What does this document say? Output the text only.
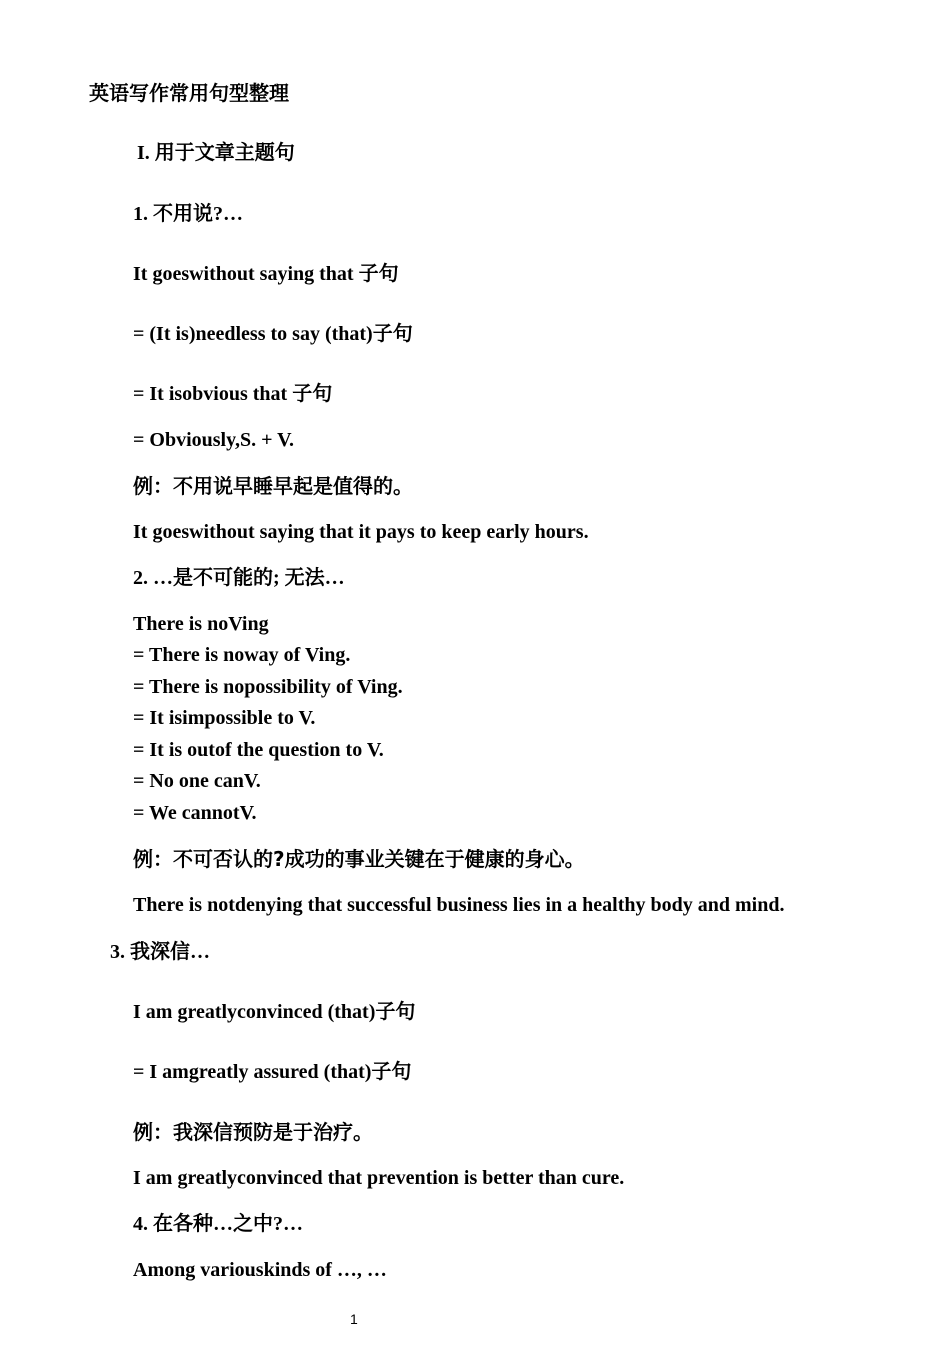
英语写作常用句型整理
I. 用于文章主题句
1. 不用说?…
It goeswithout saying that 子句
= (It is)needless to say (that)子句
= It isobvious that 子句
= Obviously,S. + V.
例：不用说早睡早起是值得的。
It goeswithout saying that it pays to keep early hours.
2. …是不可能的; 无法…
There is noVing
= There is noway of Ving.
= There is nopossibility of Ving.
= It isimpossible to V.
= It is outof the question to V.
= No one canV.
= We cannotV.
例：不可否认的?成功的事业关键在于健康的身心。
There is notdenying that successful business lies in a healthy body and mind.
3. 我深信…
I am greatlyconvinced (that)子句
= I amgreatly assured (that)子句
例：我深信预防是于治疗。
I am greatlyconvinced that prevention is better than cure.
4. 在各种…之中?…
Among variouskinds of …, …
1
